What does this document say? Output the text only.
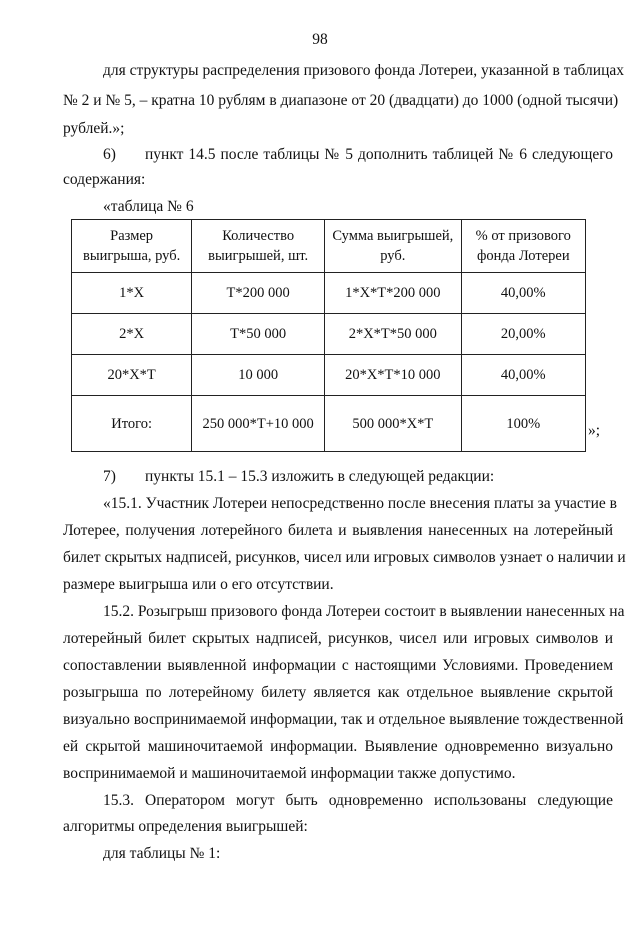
98
для структуры распределения призового фонда Лотереи, указанной в таблицах
№ 2 и № 5, – кратна 10 рублям в диапазоне от 20 (двадцати) до 1000 (одной тысячи)
рублей.»;
6) пункт 14.5 после таблицы № 5 дополнить таблицей № 6 следующего
содержания:
«таблица № 6
Размер выигрыша, руб.	Количество выигрышей, шт.	Сумма выигрышей, руб.	% от призового фонда Лотереи
1*Х	Т*200 000	1*Х*Т*200 000	40,00%
2*Х	Т*50 000	2*Х*Т*50 000	20,00%
20*Х*Т	10 000	20*Х*Т*10 000	40,00%
Итого:	250 000*Т+10 000	500 000*Х*Т	100%	»;
7) пункты 15.1 – 15.3 изложить в следующей редакции:
«15.1. Участник Лотереи непосредственно после внесения платы за участие в
Лотерее, получения лотерейного билета и выявления нанесенных на лотерейный
билет скрытых надписей, рисунков, чисел или игровых символов узнает о наличии и
размере выигрыша или о его отсутствии.
15.2. Розыгрыш призового фонда Лотереи состоит в выявлении нанесенных на
лотерейный билет скрытых надписей, рисунков, чисел или игровых символов и
сопоставлении выявленной информации с настоящими Условиями. Проведением
розыгрыша по лотерейному билету является как отдельное выявление скрытой
визуально воспринимаемой информации, так и отдельное выявление тождественной
ей скрытой машиночитаемой информации. Выявление одновременно визуально
воспринимаемой и машиночитаемой информации также допустимо.
15.3. Оператором могут быть одновременно использованы следующие
алгоритмы определения выигрышей:
для таблицы № 1:
